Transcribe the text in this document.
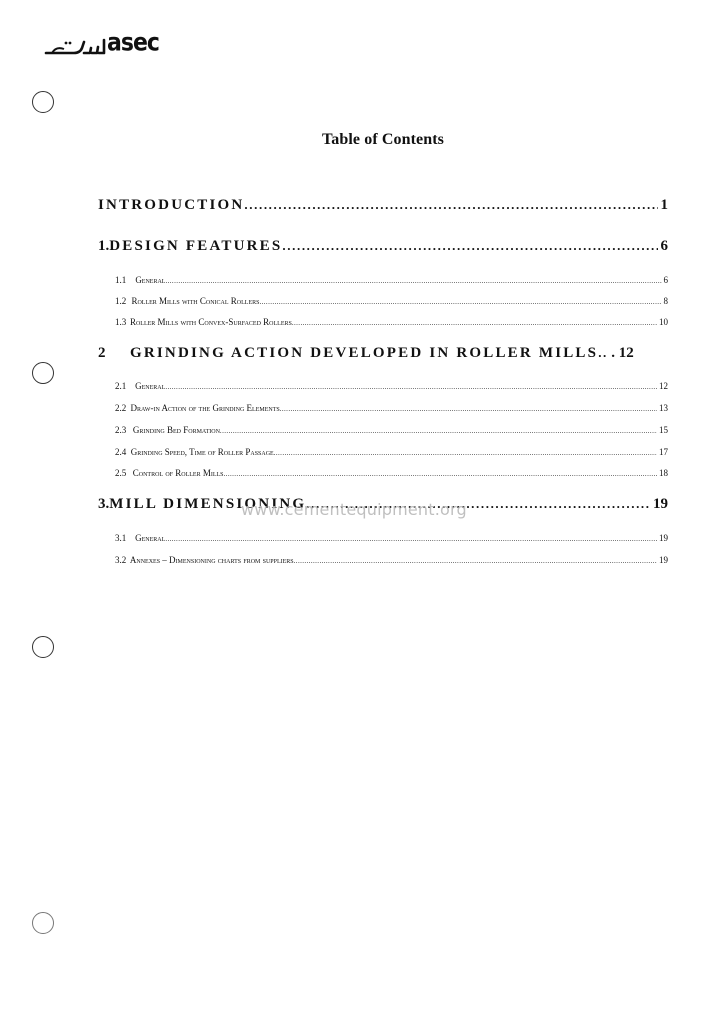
asec
Table of Contents
INTRODUCTION .....	1
1. DESIGN FEATURES .....	6
1.1	General .....	6
1.2 Roller Mills with Conical Rollers .....	8
1.3 Roller Mills with Convex-Surfaced Rollers .....	10
2	GRINDING ACTION DEVELOPED IN ROLLER MILLS ..... . 12
2.1 General .....	12
2.2 Draw-in Action of the Grinding Elements .....	13
2.3 Grinding Bed Formation .....	15
2.4 Grinding Speed, Time of Roller Passage .....	17
2.5 Control of Roller Mills .....	18
3. MILL DIMENSIONING .....	19
3.1 General .....	19
3.2 Annexes – Dimensioning charts from suppliers .....	19
www.cementequipment.org
